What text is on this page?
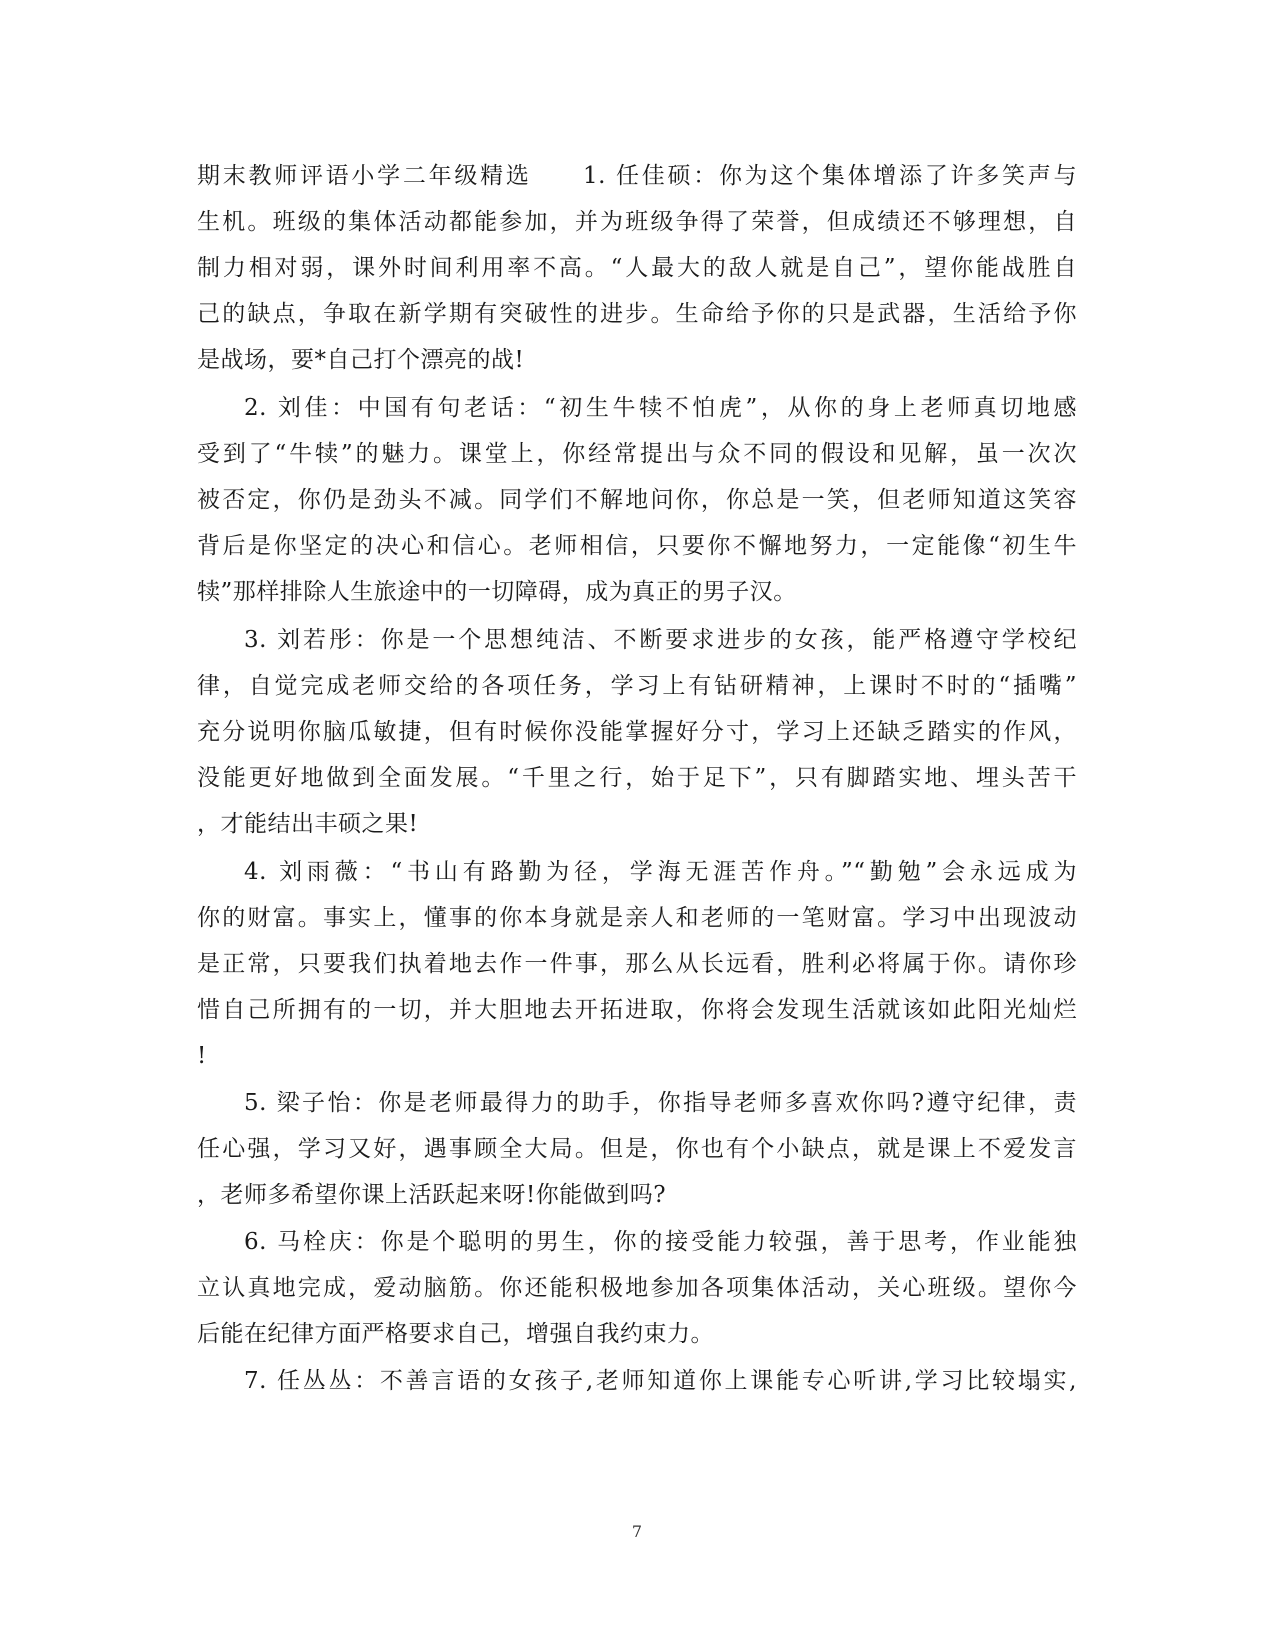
期末教师评语小学二年级精选　　1. 任佳硕：你为这个集体增添了许多笑声与
生机。班级的集体活动都能参加，并为班级争得了荣誉，但成绩还不够理想，自
制力相对弱，课外时间利用率不高。“人最大的敌人就是自己”，望你能战胜自
己的缺点，争取在新学期有突破性的进步。生命给予你的只是武器，生活给予你
是战场，要*自己打个漂亮的战!
2. 刘佳：中国有句老话：“初生牛犊不怕虎”，从你的身上老师真切地感
受到了“牛犊”的魅力。课堂上，你经常提出与众不同的假设和见解，虽一次次
被否定，你仍是劲头不减。同学们不解地问你，你总是一笑，但老师知道这笑容
背后是你坚定的决心和信心。老师相信，只要你不懈地努力，一定能像“初生牛
犊”那样排除人生旅途中的一切障碍，成为真正的男子汉。
3. 刘若彤：你是一个思想纯洁、不断要求进步的女孩，能严格遵守学校纪
律，自觉完成老师交给的各项任务，学习上有钻研精神，上课时不时的“插嘴”
充分说明你脑瓜敏捷，但有时候你没能掌握好分寸，学习上还缺乏踏实的作风，
没能更好地做到全面发展。“千里之行，始于足下”，只有脚踏实地、埋头苦干
，才能结出丰硕之果!
4. 刘雨薇：“书山有路勤为径，学海无涯苦作舟。”“勤勉”会永远成为
你的财富。事实上，懂事的你本身就是亲人和老师的一笔财富。学习中出现波动
是正常，只要我们执着地去作一件事，那么从长远看，胜利必将属于你。请你珍
惜自己所拥有的一切，并大胆地去开拓进取，你将会发现生活就该如此阳光灿烂
!
5. 梁子怡：你是老师最得力的助手，你指导老师多喜欢你吗?遵守纪律，责
任心强，学习又好，遇事顾全大局。但是，你也有个小缺点，就是课上不爱发言
，老师多希望你课上活跃起来呀!你能做到吗?
6. 马栓庆：你是个聪明的男生，你的接受能力较强，善于思考，作业能独
立认真地完成，爱动脑筋。你还能积极地参加各项集体活动，关心班级。望你今
后能在纪律方面严格要求自己，增强自我约束力。
7. 任丛丛：不善言语的女孩子,老师知道你上课能专心听讲,学习比较塌实,
7
